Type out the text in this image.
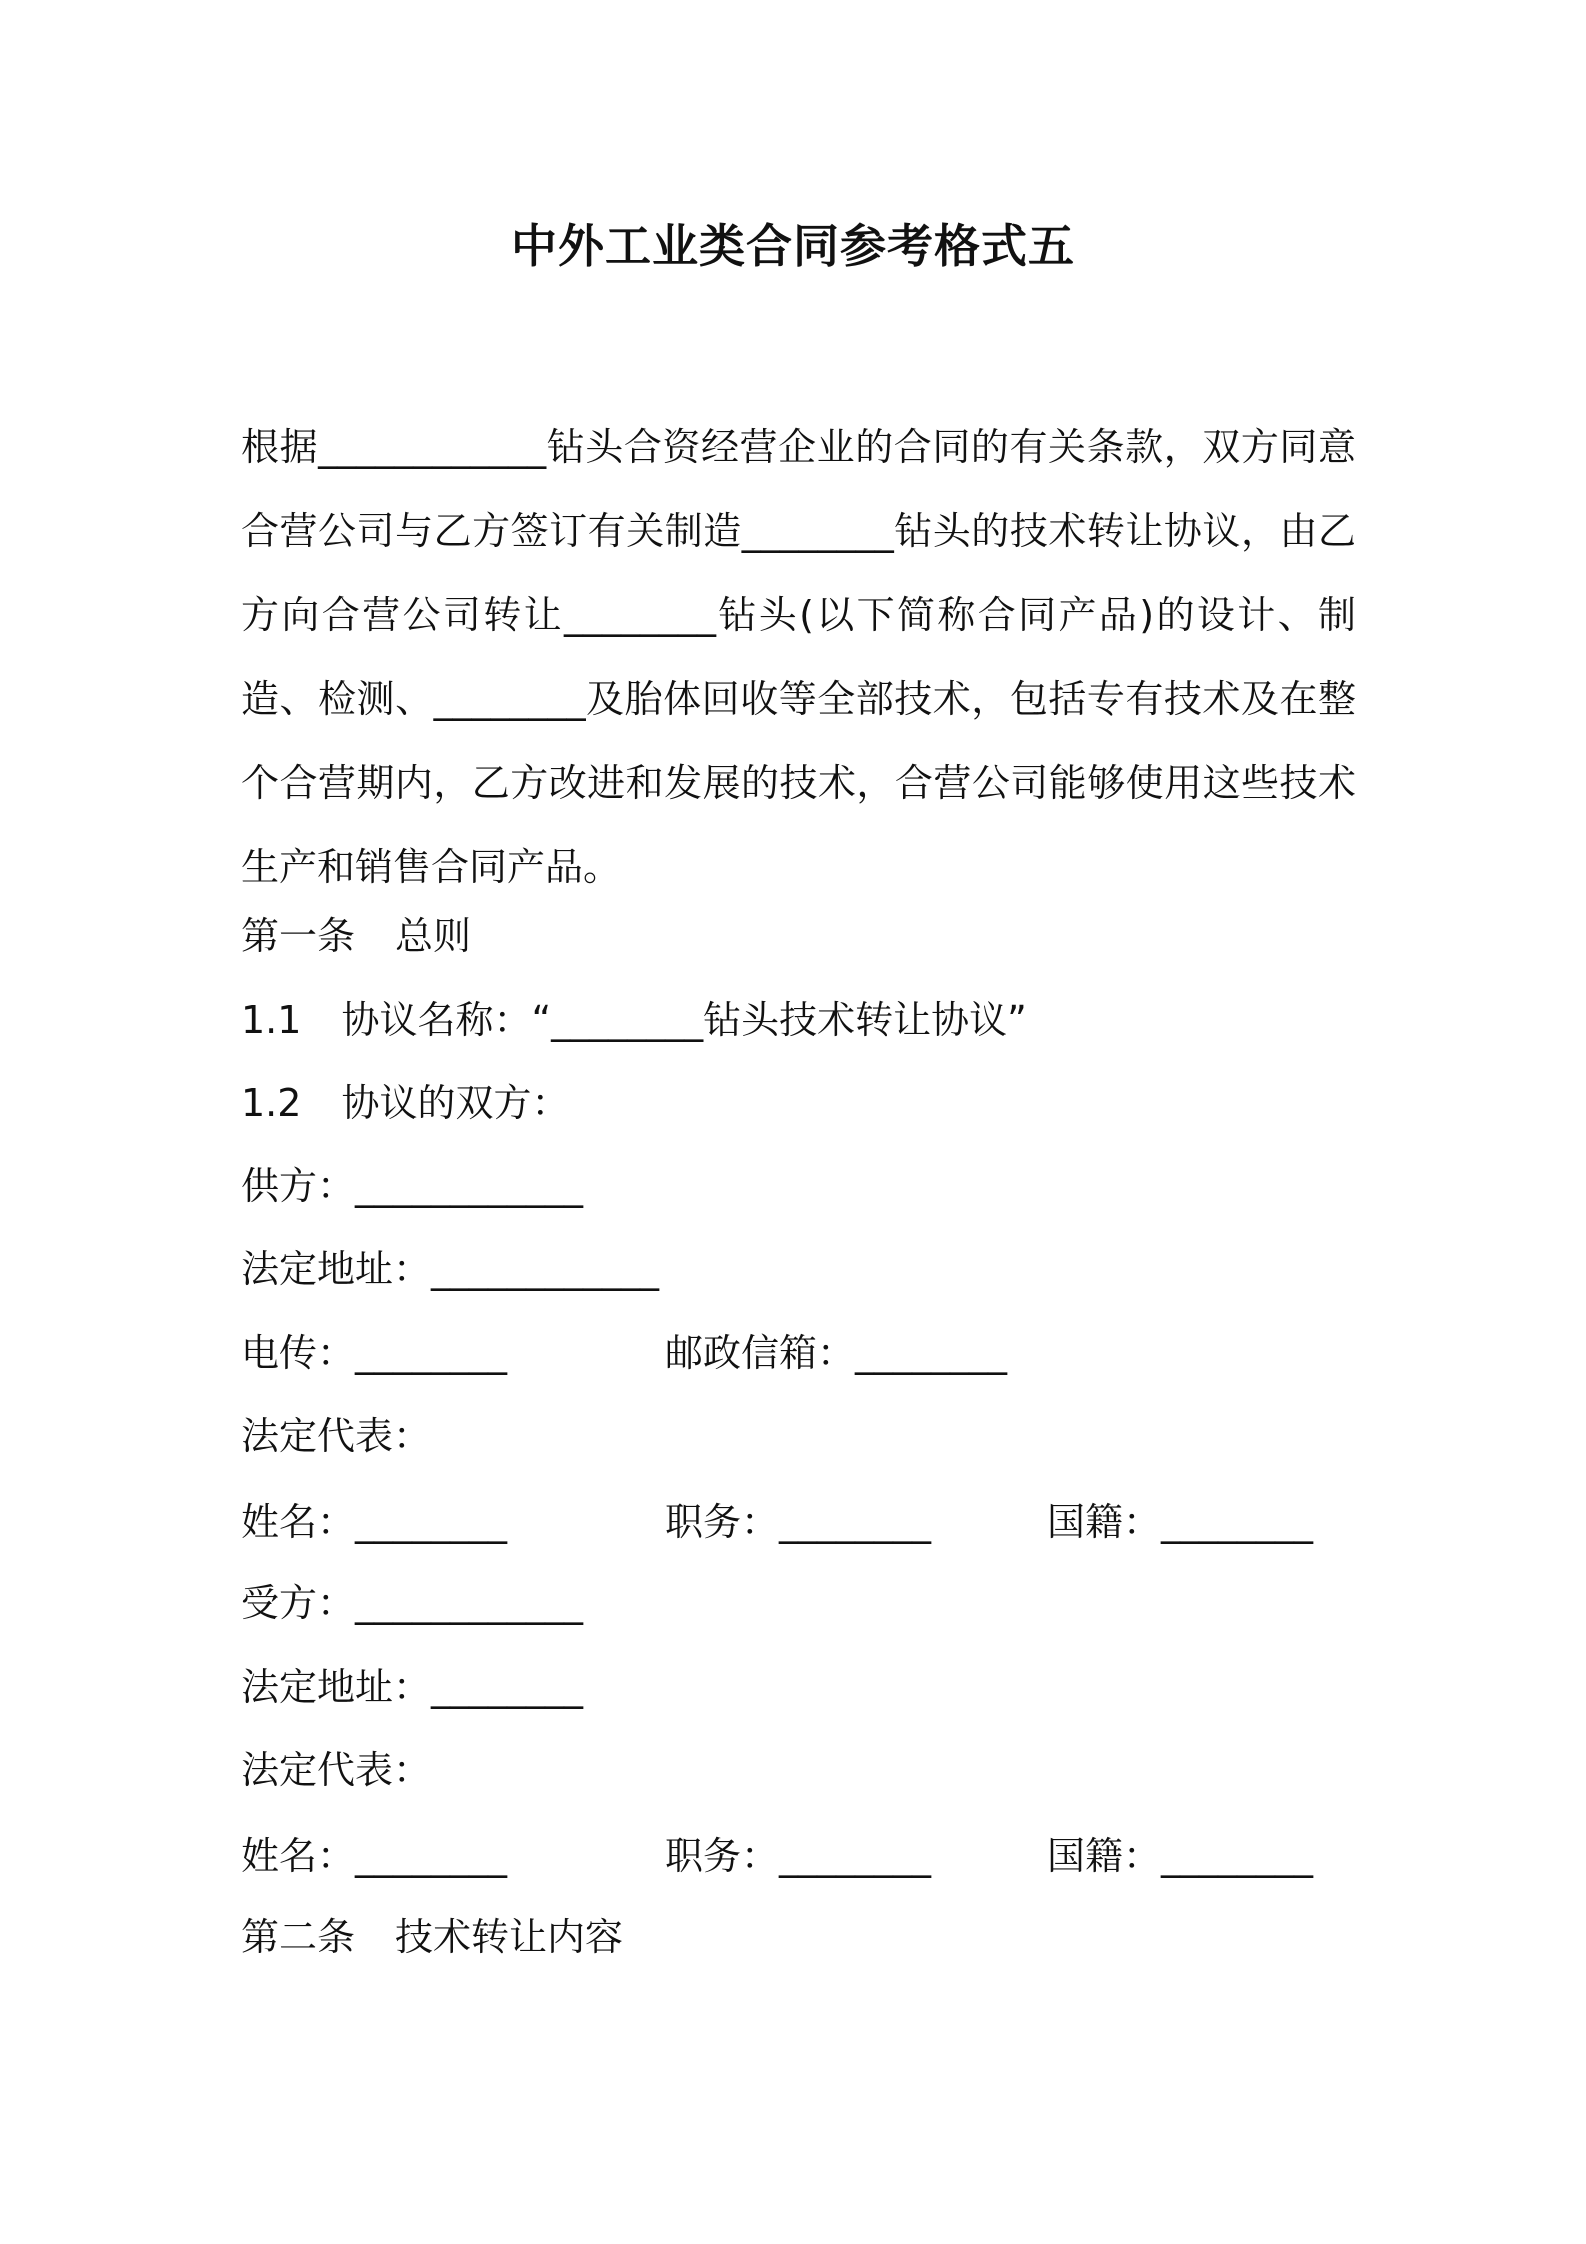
中外工业类合同参考格式五

根据____________钻头合资经营企业的合同的有关条款，双方同意合营公司与乙方签订有关制造________钻头的技术转让协议，由乙方向合营公司转让________钻头(以下简称合同产品)的设计、制造、检测、________及胎体回收等全部技术，包括专有技术及在整个合营期内，乙方改进和发展的技术，合营公司能够使用这些技术生产和销售合同产品。

第一条 总则
1.1 协议名称：“________钻头技术转让协议”
1.2 协议的双方：
供方：____________
法定地址：____________
电传：________	邮政信箱：________
法定代表：
姓名：________	职务：________	国籍：________
受方：____________
法定地址：________
法定代表：
姓名：________	职务：________	国籍：________
第二条 技术转让内容
